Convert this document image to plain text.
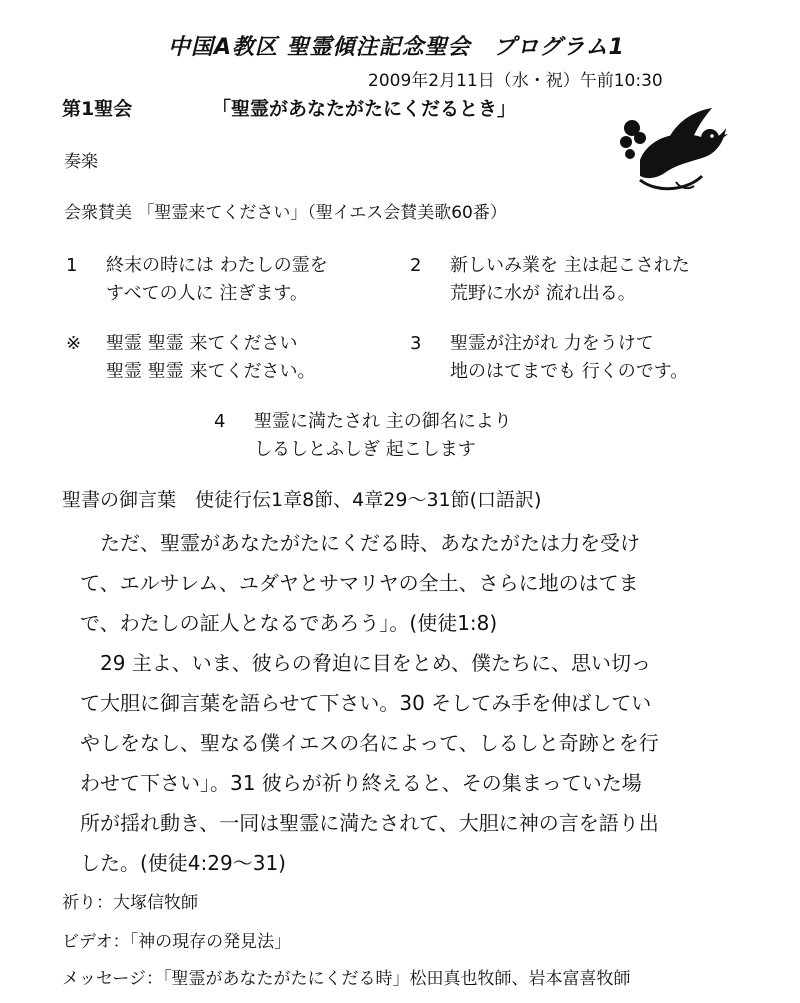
中国A教区 聖霊傾注記念聖会　プログラム1
2009年2月11日（水・祝）午前10:30
第1聖会	「聖霊があなたがたにくだるとき」
奏楽
会衆賛美 「聖霊来てください」（聖イエス会賛美歌60番）
1 終末の時には わたしの霊を
すべての人に 注ぎます。
2 新しいみ業を 主は起こされた
荒野に水が 流れ出る。
※ 聖霊 聖霊 来てください
聖霊 聖霊 来てください。
3 聖霊が注がれ 力をうけて
地のはてまでも 行くのです。
4 聖霊に満たされ 主の御名により
しるしとふしぎ 起こします
聖書の御言葉　使徒行伝1章8節、4章29～31節(口語訳)
ただ、聖霊があなたがたにくだる時、あなたがたは力を受け
て、エルサレム、ユダヤとサマリヤの全土、さらに地のはてま
で、わたしの証人となるであろう」。(使徒1:8)
29 主よ、いま、彼らの脅迫に目をとめ、僕たちに、思い切っ
て大胆に御言葉を語らせて下さい。30 そしてみ手を伸ばしてい
やしをなし、聖なる僕イエスの名によって、しるしと奇跡とを行
わせて下さい」。31 彼らが祈り終えると、その集まっていた場
所が揺れ動き、一同は聖霊に満たされて、大胆に神の言を語り出
した。(使徒4:29～31)
祈り：大塚信牧師
ビデオ：「神の現存の発見法」
メッセージ：「聖霊があなたがたにくだる時」松田真也牧師、岩本富喜牧師
